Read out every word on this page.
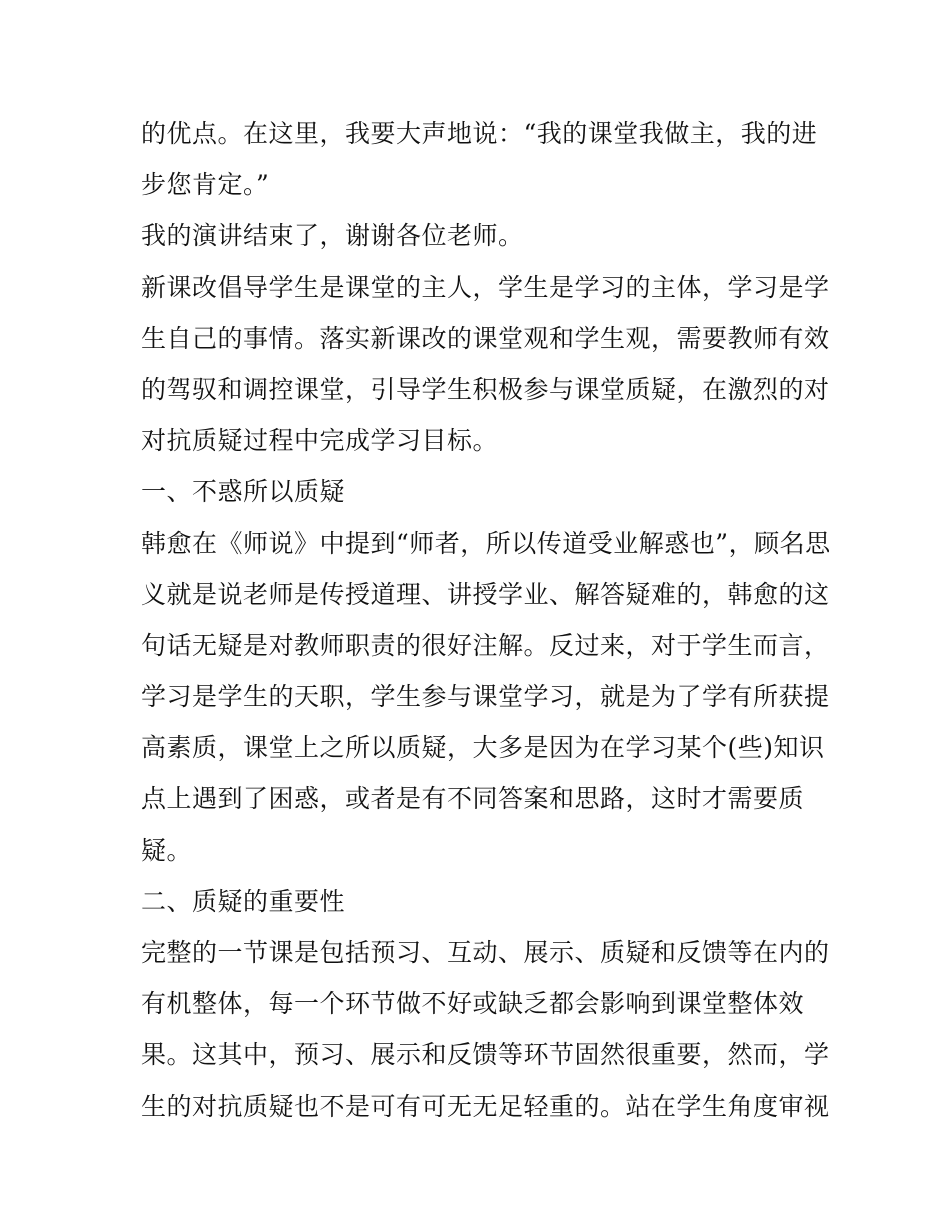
的优点。在这里，我要大声地说：“我的课堂我做主，我的进
步您肯定。”
我的演讲结束了，谢谢各位老师。
新课改倡导学生是课堂的主人，学生是学习的主体，学习是学
生自己的事情。落实新课改的课堂观和学生观，需要教师有效
的驾驭和调控课堂，引导学生积极参与课堂质疑，在激烈的对
对抗质疑过程中完成学习目标。
一、不惑所以质疑
韩愈在《师说》中提到“师者，所以传道受业解惑也”，顾名思
义就是说老师是传授道理、讲授学业、解答疑难的，韩愈的这
句话无疑是对教师职责的很好注解。反过来，对于学生而言，
学习是学生的天职，学生参与课堂学习，就是为了学有所获提
高素质，课堂上之所以质疑，大多是因为在学习某个(些)知识
点上遇到了困惑，或者是有不同答案和思路，这时才需要质
疑。
二、质疑的重要性
完整的一节课是包括预习、互动、展示、质疑和反馈等在内的
有机整体，每一个环节做不好或缺乏都会影响到课堂整体效
果。这其中，预习、展示和反馈等环节固然很重要，然而，学
生的对抗质疑也不是可有可无无足轻重的。站在学生角度审视
